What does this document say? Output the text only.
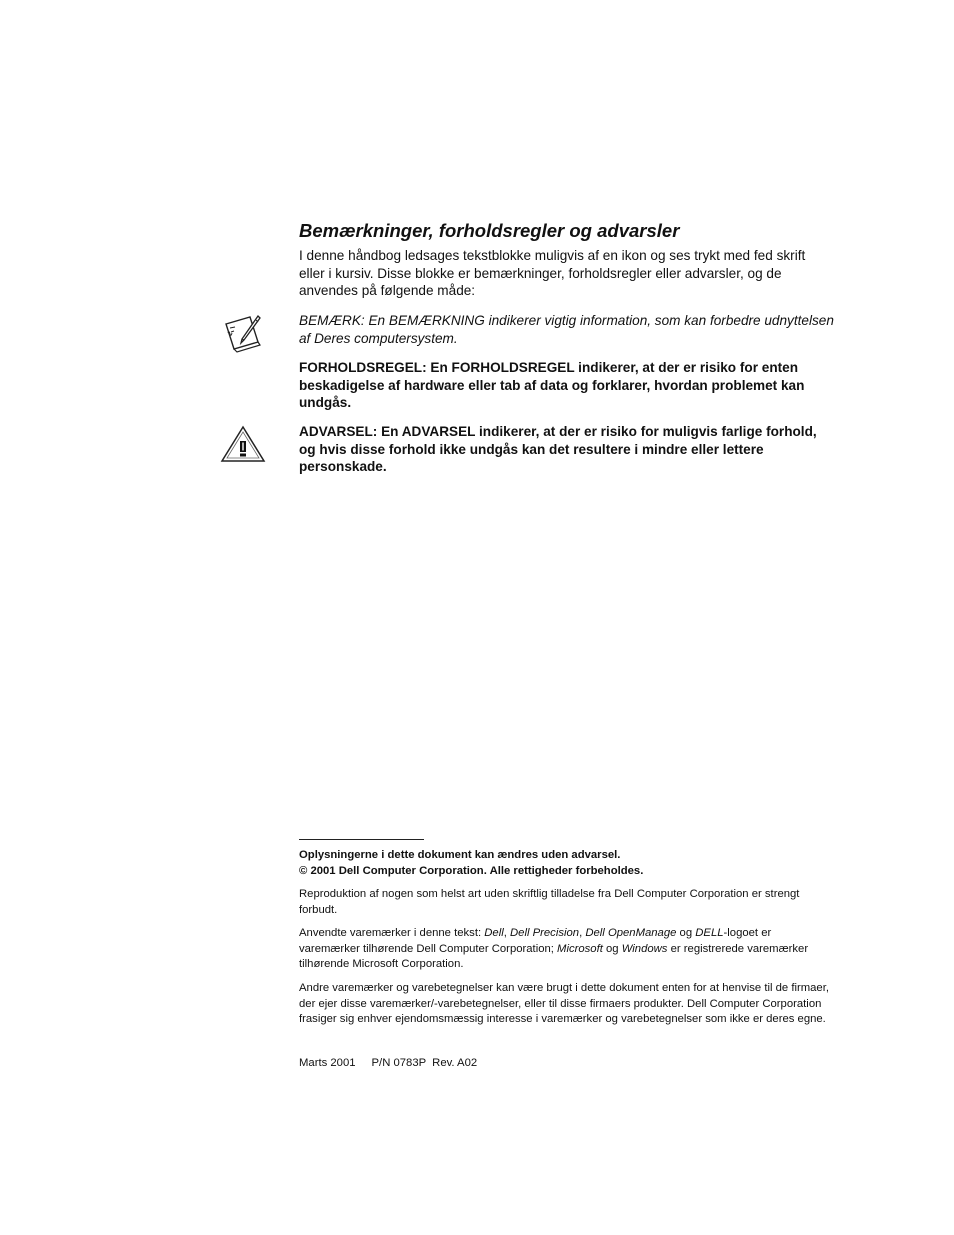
Bemærkninger, forholdsregler og advarsler
I denne håndbog ledsages tekstblokke muligvis af en ikon og ses trykt med fed skrift eller i kursiv. Disse blokke er bemærkninger, forholdsregler eller advarsler, og de anvendes på følgende måde:
BEMÆRK: En BEMÆRKNING indikerer vigtig information, som kan forbedre udnyttelsen af Deres computersystem.
FORHOLDSREGEL: En FORHOLDSREGEL indikerer, at der er risiko for enten beskadigelse af hardware eller tab af data og forklarer, hvordan problemet kan undgås.
ADVARSEL: En ADVARSEL indikerer, at der er risiko for muligvis farlige forhold, og hvis disse forhold ikke undgås kan det resultere i mindre eller lettere personskade.
Oplysningerne i dette dokument kan ændres uden advarsel.
© 2001 Dell Computer Corporation. Alle rettigheder forbeholdes.
Reproduktion af nogen som helst art uden skriftlig tilladelse fra Dell Computer Corporation er strengt forbudt.
Anvendte varemærker i denne tekst: Dell, Dell Precision, Dell OpenManage og DELL-logoet er varemærker tilhørende Dell Computer Corporation; Microsoft og Windows er registrerede varemærker tilhørende Microsoft Corporation.
Andre varemærker og varebetegnelser kan være brugt i dette dokument enten for at henvise til de firmaer, der ejer disse varemærker/-varebetegnelser, eller til disse firmaers produkter. Dell Computer Corporation frasiger sig enhver ejendomsmæssig interesse i varemærker og varebetegnelser som ikke er deres egne.
Marts 2001 P/N 0783P Rev. A02
